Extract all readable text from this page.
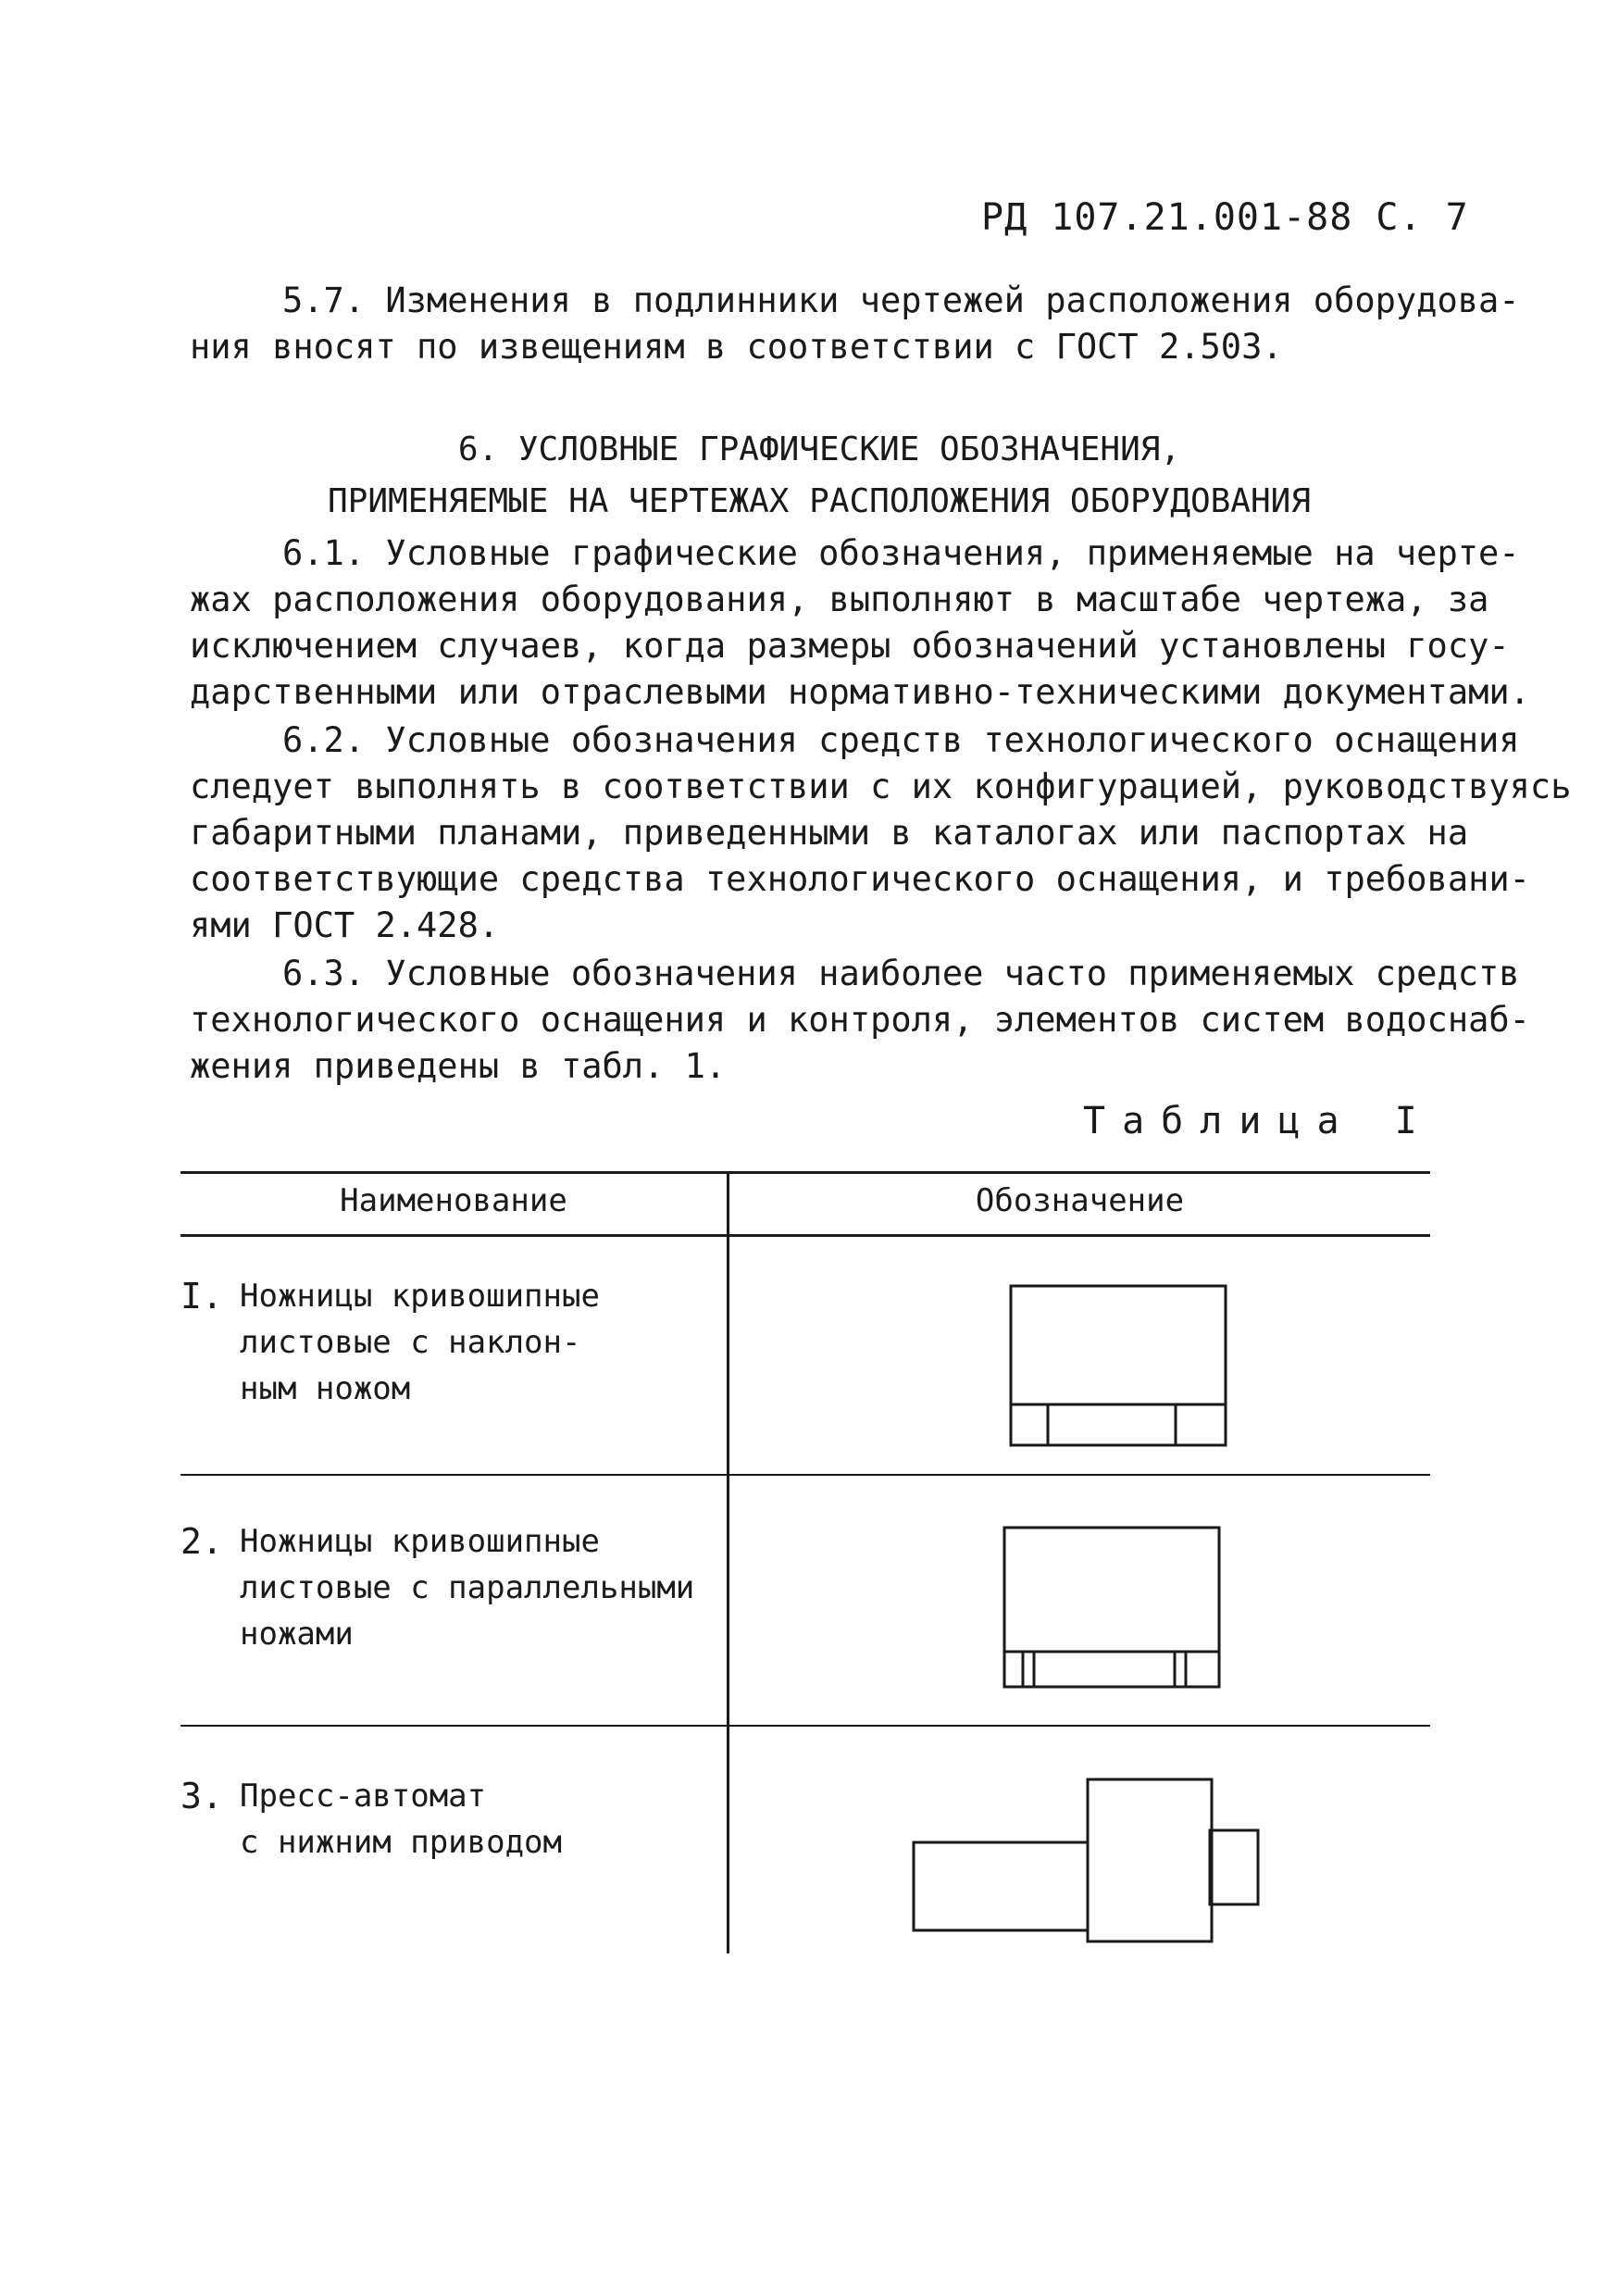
РД 107.21.001-88 С. 7
5.7. Изменения в подлинники чертежей расположения оборудова-
ния вносят по извещениям в соответствии с ГОСТ 2.503.
6. УСЛОВНЫЕ ГРАФИЧЕСКИЕ ОБОЗНАЧЕНИЯ,
ПРИМЕНЯЕМЫЕ НА ЧЕРТЕЖАХ РАСПОЛОЖЕНИЯ ОБОРУДОВАНИЯ
6.1. Условные графические обозначения, применяемые на черте-
жах расположения оборудования, выполняют в масштабе чертежа, за
исключением случаев, когда размеры обозначений установлены госу-
дарственными или отраслевыми нормативно-техническими документами.
6.2. Условные обозначения средств технологического оснащения
следует выполнять в соответствии с их конфигурацией, руководствуясь
габаритными планами, приведенными в каталогах или паспортах на
соответствующие средства технологического оснащения, и требовани-
ями ГОСТ 2.428.
6.3. Условные обозначения наиболее часто применяемых средств
технологического оснащения и контроля, элементов систем водоснаб-
жения приведены в табл. 1.
Таблица I
Наименование	Обозначение
I. Ножницы кривошипные
листовые с наклон-
ным ножом
2. Ножницы кривошипные
листовые с параллельными
ножами
3. Пресс-автомат
с нижним приводом
